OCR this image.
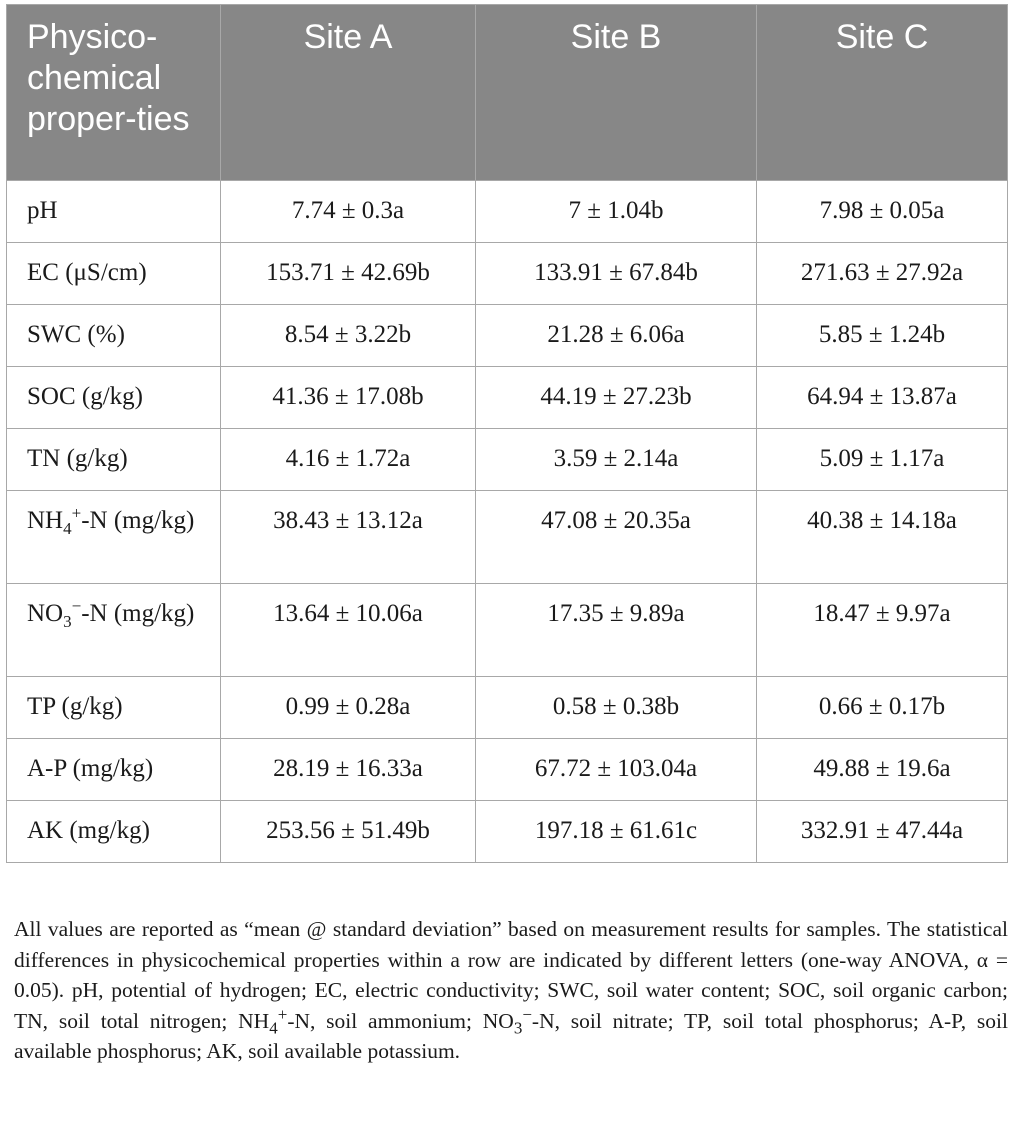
Physico-chemical proper-ties	Site A	Site B	Site C
pH	7.74 ± 0.3a	7 ± 1.04b	7.98 ± 0.05a
EC (μS/cm)	153.71 ± 42.69b	133.91 ± 67.84b	271.63 ± 27.92a
SWC (%)	8.54 ± 3.22b	21.28 ± 6.06a	5.85 ± 1.24b
SOC (g/kg)	41.36 ± 17.08b	44.19 ± 27.23b	64.94 ± 13.87a
TN (g/kg)	4.16 ± 1.72a	3.59 ± 2.14a	5.09 ± 1.17a
$NH_4^+-N$ (mg/kg)	38.43 ± 13.12a	47.08 ± 20.35a	40.38 ± 14.18a
$NO_3^--N$ (mg/kg)	13.64 ± 10.06a	17.35 ± 9.89a	18.47 ± 9.97a
TP (g/kg)	0.99 ± 0.28a	0.58 ± 0.38b	0.66 ± 0.17b
A-P (mg/kg)	28.19 ± 16.33a	67.72 ± 103.04a	49.88 ± 19.6a
AK (mg/kg)	253.56 ± 51.49b	197.18 ± 61.61c	332.91 ± 47.44a

All values are reported as “mean @ standard deviation” based on measurement results for samples. The statistical differences in physicochemical properties within a row are indicated by different letters (one-way ANOVA, α = 0.05). pH, potential of hydrogen; EC, electric conductivity; SWC, soil water content; SOC, soil organic carbon; TN, soil total nitrogen; $NH_4^+-N$, soil ammonium; $NO_3^--N$, soil nitrate; TP, soil total phosphorus; A-P, soil available phosphorus; AK, soil available potassium.
